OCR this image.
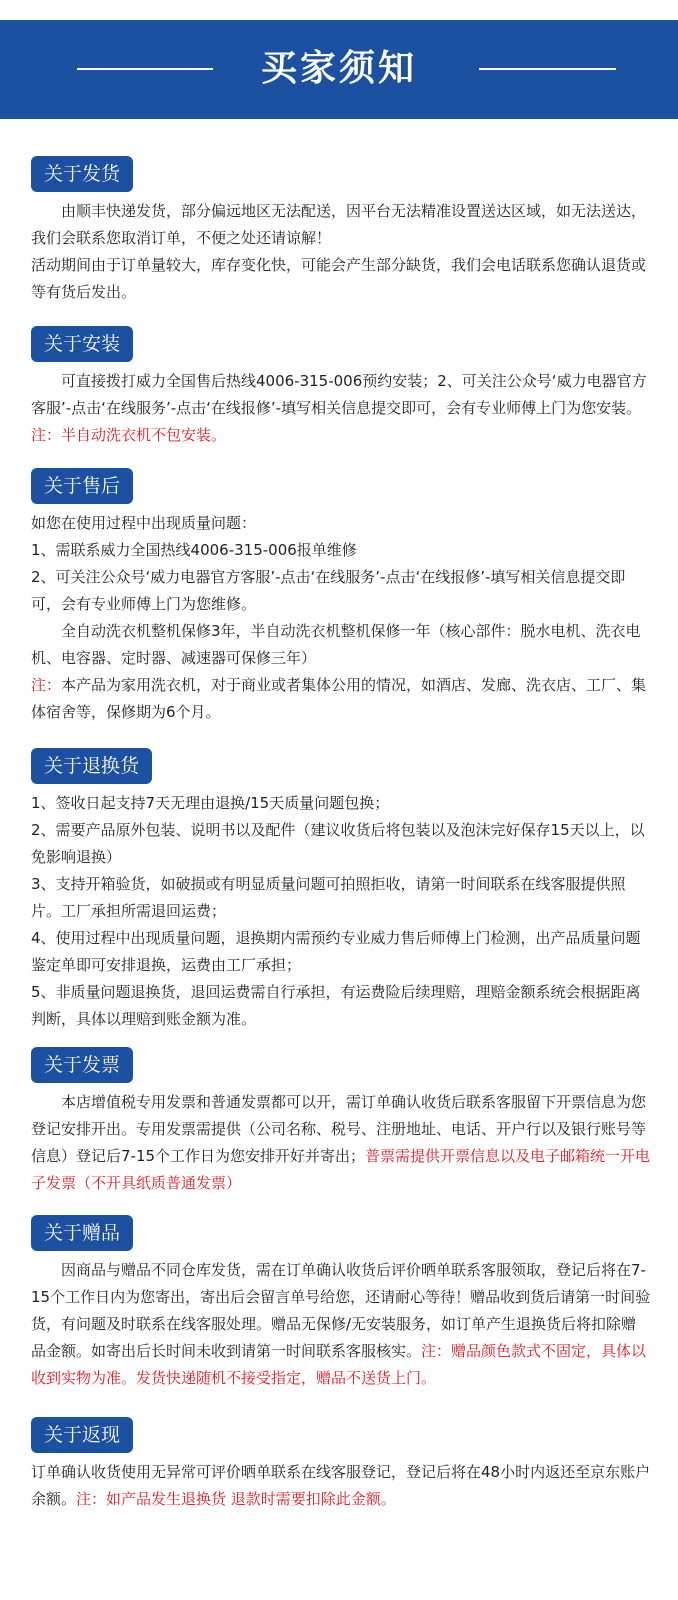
买家须知
关于发货

由顺丰快递发货，部分偏远地区无法配送，因平台无法精准设置送达区域，如无法送达，我们会联系您取消订单，不便之处还请谅解！

活动期间由于订单量较大，库存变化快，可能会产生部分缺货，我们会电话联系您确认退货或等有货后发出。

关于安装

可直接拨打威力全国售后热线4006-315-006预约安装；2、可关注公众号‘威力电器官方客服’-点击‘在线服务’-点击‘在线报修’-填写相关信息提交即可，会有专业师傅上门为您安装。注：半自动洗衣机不包安装。

关于售后

如您在使用过程中出现质量问题：

1、需联系威力全国热线4006-315-006报单维修

2、可关注公众号‘威力电器官方客服’-点击‘在线服务’-点击‘在线报修’-填写相关信息提交即可，会有专业师傅上门为您维修。

全自动洗衣机整机保修3年，半自动洗衣机整机保修一年（核心部件：脱水电机、洗衣电机、电容器、定时器、减速器可保修三年）

注：本产品为家用洗衣机，对于商业或者集体公用的情况，如酒店、发廊、洗衣店、工厂、集体宿舍等，保修期为6个月。

关于退换货

1、签收日起支持7天无理由退换/15天质量问题包换；

2、需要产品原外包装、说明书以及配件（建议收货后将包装以及泡沫完好保存15天以上，以免影响退换）

3、支持开箱验货，如破损或有明显质量问题可拍照拒收，请第一时间联系在线客服提供照片。工厂承担所需退回运费；

4、使用过程中出现质量问题，退换期内需预约专业威力售后师傅上门检测，出产品质量问题鉴定单即可安排退换，运费由工厂承担；

5、非质量问题退换货，退回运费需自行承担，有运费险后续理赔，理赔金额系统会根据距离判断，具体以理赔到账金额为准。

关于发票

本店增值税专用发票和普通发票都可以开，需订单确认收货后联系客服留下开票信息为您登记安排开出。专用发票需提供（公司名称、税号、注册地址、电话、开户行以及银行账号等信息）登记后7-15个工作日为您安排开好并寄出；普票需提供开票信息以及电子邮箱统一开电子发票（不开具纸质普通发票）

关于赠品

因商品与赠品不同仓库发货，需在订单确认收货后评价晒单联系客服领取，登记后将在7-15个工作日内为您寄出，寄出后会留言单号给您，还请耐心等待！赠品收到货后请第一时间验货，有问题及时联系在线客服处理。赠品无保修/无安装服务，如订单产生退换货后将扣除赠品金额。如寄出后长时间未收到请第一时间联系客服核实。注：赠品颜色款式不固定，具体以收到实物为准。发货快递随机不接受指定，赠品不送货上门。

关于返现

订单确认收货使用无异常可评价晒单联系在线客服登记，登记后将在48小时内返还至京东账户余额。注：如产品发生退换货 退款时需要扣除此金额。
